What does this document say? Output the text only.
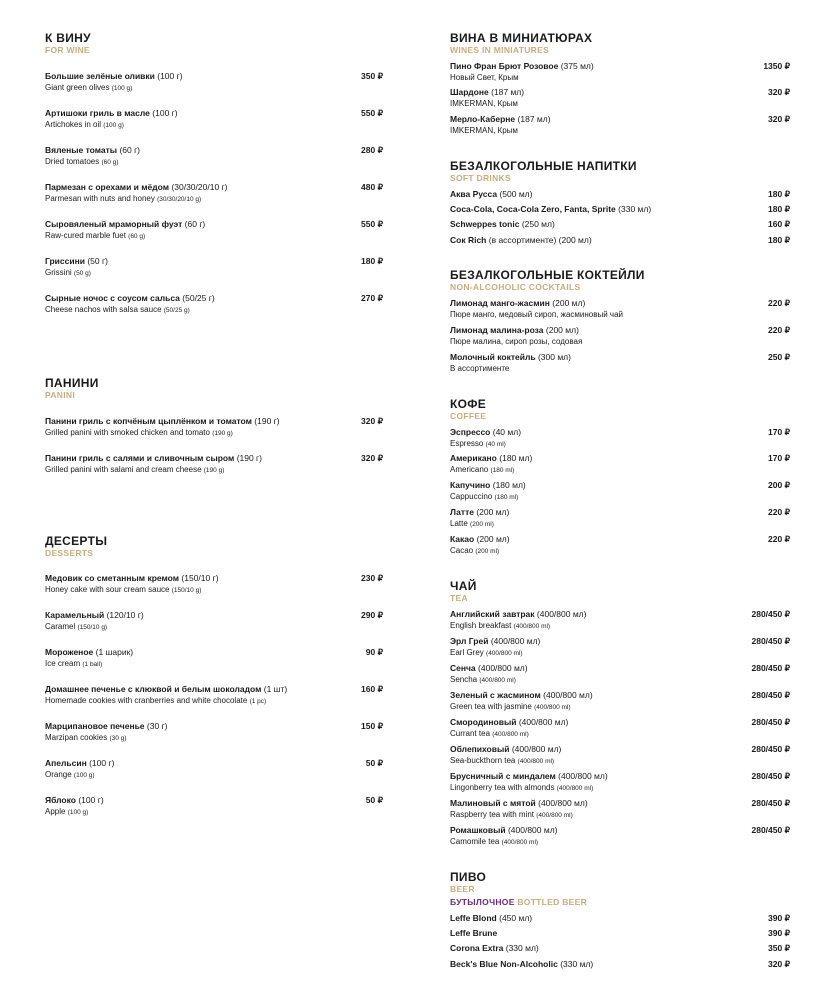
К ВИНУ
FOR WINE
Большие зелёные оливки (100 г)	350 ₽
Giant green olives (100 g)
Артишоки гриль в масле (100 г)	550 ₽
Artichokes in oil (100 g)
Вяленые томаты (60 г)	280 ₽
Dried tomatoes (60 g)
Пармезан с орехами и мёдом (30/30/20/10 г)	480 ₽
Parmesan with nuts and honey (30/30/20/10 g)
Сыровяленый мраморный фуэт (60 г)	550 ₽
Raw-cured marble fuet (60 g)
Гриссини (50 г)	180 ₽
Grissini (50 g)
Сырные ночос с соусом сальса (50/25 г)	270 ₽
Cheese nachos with salsa sauce (50/25 g)
ПАНИНИ
PANINI
Панини гриль с копчёным цыплёнком и томатом (190 г)	320 ₽
Grilled panini with smoked chicken and tomato (190 g)
Панини гриль с салями и сливочным сыром (190 г)	320 ₽
Grilled panini with salami and cream cheese (190 g)
ДЕСЕРТЫ
DESSERTS
Медовик со сметанным кремом (150/10 г)	230 ₽
Honey cake with sour cream sauce (150/10 g)
Карамельный (120/10 г)	290 ₽
Caramel (150/10 g)
Мороженое (1 шарик)	90 ₽
Ice cream (1 ball)
Домашнее печенье с клюквой и белым шоколадом (1 шт)	160 ₽
Homemade cookies with cranberries and white chocolate (1 pc)
Марципановое печенье (30 г)	150 ₽
Marzipan cookies (30 g)
Апельсин (100 г)	50 ₽
Orange (100 g)
Яблоко (100 г)	50 ₽
Apple (100 g)
ВИНА В МИНИАТЮРАХ
WINES IN MINIATURES
Пино Фран Брют Розовое (375 мл)	1350 ₽
Новый Свет, Крым
Шардоне (187 мл)	320 ₽
IMKERMAN, Крым
Мерло-Каберне (187 мл)	320 ₽
IMKERMAN, Крым
БЕЗАЛКОГОЛЬНЫЕ НАПИТКИ
SOFT DRINKS
Аква Русса (500 мл)	180 ₽
Coca-Cola, Coca-Cola Zero, Fanta, Sprite (330 мл)	180 ₽
Schweppes tonic (250 мл)	160 ₽
Сок Rich (в ассортименте) (200 мл)	180 ₽
БЕЗАЛКОГОЛЬНЫЕ КОКТЕЙЛИ
NON-ALCOHOLIC COCKTAILS
Лимонад манго-жасмин (200 мл)	220 ₽
Пюре манго, медовый сироп, жасминовый чай
Лимонад малина-роза (200 мл)	220 ₽
Пюре малина, сироп розы, содовая
Молочный коктейль (300 мл)	250 ₽
В ассортименте
КОФЕ
COFFEE
Эспрессо (40 мл)	170 ₽
Espresso (40 ml)
Американо (180 мл)	170 ₽
Americano (180 ml)
Капучино (180 мл)	200 ₽
Cappuccino (180 ml)
Латте (200 мл)	220 ₽
Latte (200 ml)
Какао (200 мл)	220 ₽
Cacao (200 ml)
ЧАЙ
TEA
Английский завтрак (400/800 мл)	280/450 ₽
English breakfast (400/800 ml)
Эрл Грей (400/800 мл)	280/450 ₽
Earl Grey (400/800 ml)
Сенча (400/800 мл)	280/450 ₽
Sencha (400/800 ml)
Зеленый с жасмином (400/800 мл)	280/450 ₽
Green tea with jasmine (400/800 ml)
Смородиновый (400/800 мл)	280/450 ₽
Currant tea (400/800 ml)
Облепиховый (400/800 мл)	280/450 ₽
Sea-buckthorn tea (400/800 ml)
Брусничный с миндалем (400/800 мл)	280/450 ₽
Lingonberry tea with almonds (400/800 ml)
Малиновый с мятой (400/800 мл)	280/450 ₽
Raspberry tea with mint (400/800 ml)
Ромашковый (400/800 мл)	280/450 ₽
Camomile tea (400/800 ml)
ПИВО
BEER
БУТЫЛОЧНОЕ BOTTLED BEER
Leffe Blond (450 мл)	390 ₽
Leffe Brune	390 ₽
Corona Extra (330 мл)	350 ₽
Beck's Blue Non-Alcoholic (330 мл)	320 ₽
